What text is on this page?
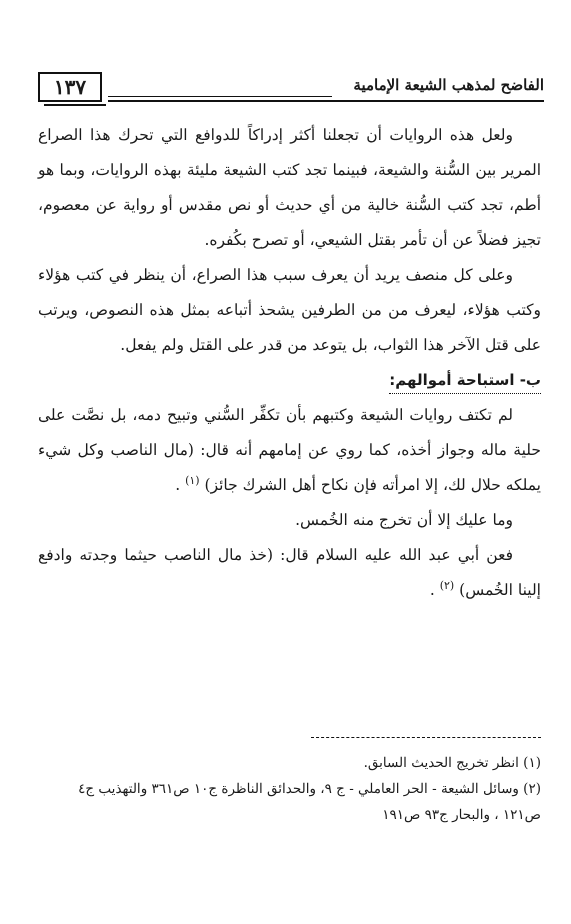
١٣٧	الفاضح لمذهب الشيعة الإمامية

ولعل هذه الروايات أن تجعلنا أكثر إدراكاً للدوافع التي تحرك هذا الصراع المرير بين السُّنة والشيعة، فبينما تجد كتب الشيعة مليئة بهذه الروايات، وبما هو أطم، تجد كتب السُّنة خالية من أي حديث أو نص مقدس أو رواية عن معصوم، تجيز فضلاً عن أن تأمر بقتل الشيعي، أو تصرح بكُفره.

وعلى كل منصف يريد أن يعرف سبب هذا الصراع، أن ينظر في كتب هؤلاء وكتب هؤلاء، ليعرف من من الطرفين يشحذ أتباعه بمثل هذه النصوص، ويرتب على قتل الآخر هذا الثواب، بل يتوعد من قدر على القتل ولم يفعل.

ب- استباحة أموالهم:

لم تكتف روايات الشيعة وكتبهم بأن تكفِّر السُّني وتبيح دمه، بل نصَّت على حلية ماله وجواز أخذه، كما روي عن إمامهم أنه قال: (مال الناصب وكل شيء يملكه حلال لك، إلا امرأته فإن نكاح أهل الشرك جائز) $^{(١)}$ .

وما عليك إلا أن تخرج منه الخُمس.

فعن أبي عبد الله عليه السلام قال: (خذ مال الناصب حيثما وجدته وادفع إلينا الخُمس) $^{(٢)}$ .

(١) انظر تخريج الحديث السابق.

(٢) وسائل الشيعة - الحر العاملي - ج ٩، والحدائق الناظرة ج١٠ ص٣٦١ والتهذيب ج٤ ص١٢١ ، والبحار ج٩٣ ص١٩١
